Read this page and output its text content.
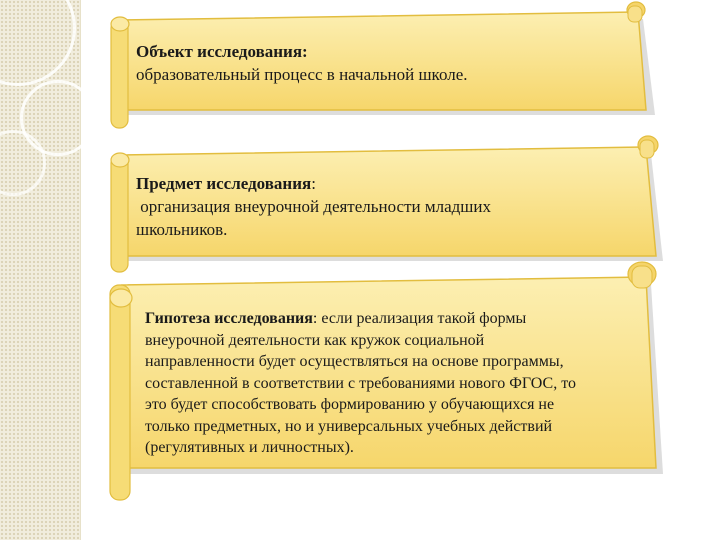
Объект исследования:
образовательный процесс в начальной школе.
Предмет исследования:
организация внеурочной деятельности младших
школьников.
Гипотеза исследования: если реализация такой формы
внеурочной деятельности как кружок социальной
направленности будет осуществляться на основе программы,
составленной в соответствии с требованиями нового ФГОС, то
это будет способствовать формированию у обучающихся не
только предметных, но и универсальных учебных действий
(регулятивных и личностных).
